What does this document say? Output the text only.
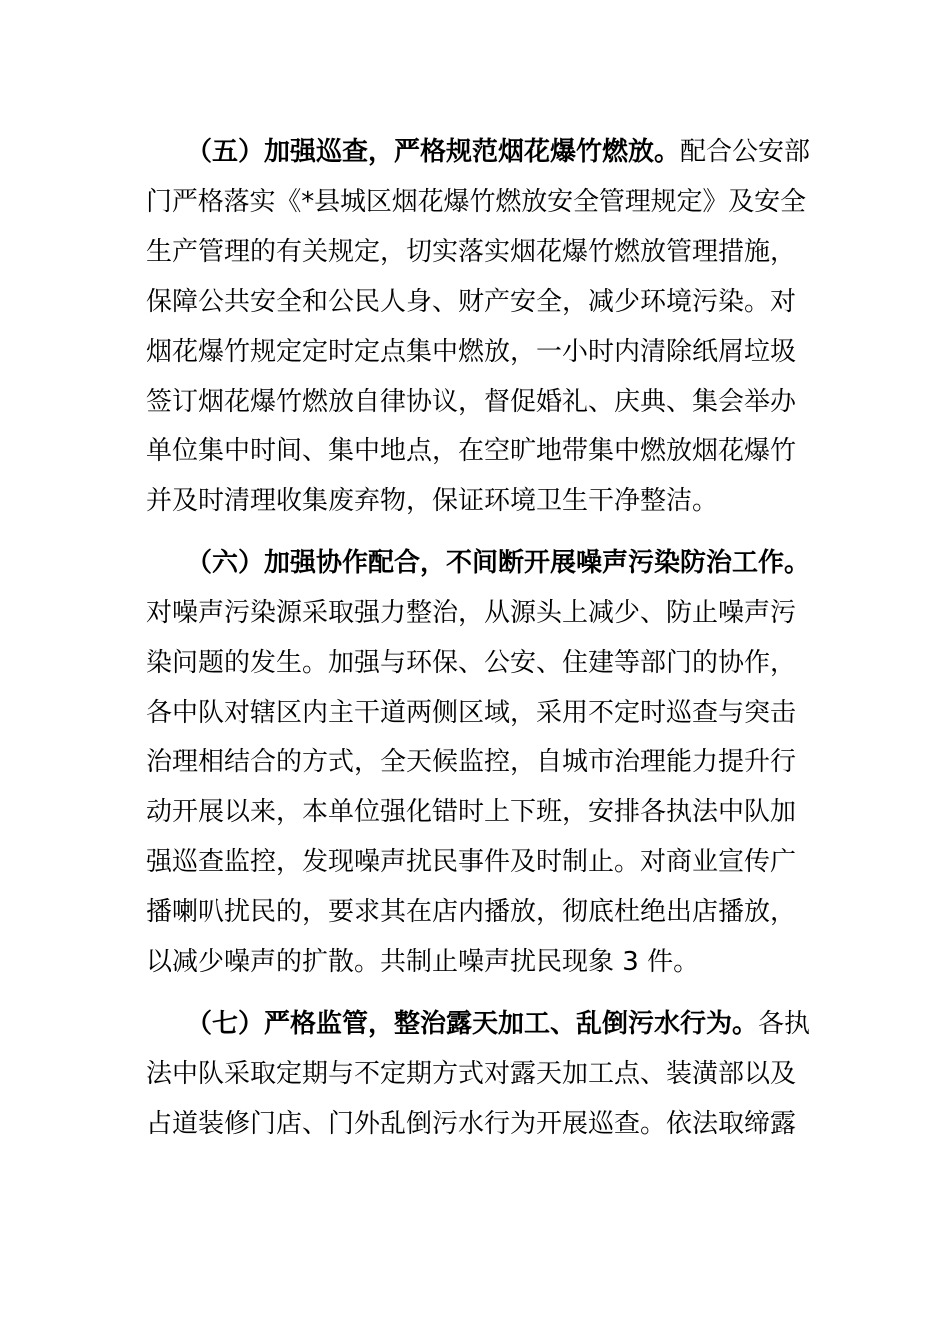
（五）加强巡查，严格规范烟花爆竹燃放。配合公安部

门严格落实《*县城区烟花爆竹燃放安全管理规定》及安全

生产管理的有关规定，切实落实烟花爆竹燃放管理措施，

保障公共安全和公民人身、财产安全，减少环境污染。对

烟花爆竹规定定时定点集中燃放，一小时内清除纸屑垃圾

签订烟花爆竹燃放自律协议，督促婚礼、庆典、集会举办

单位集中时间、集中地点，在空旷地带集中燃放烟花爆竹

并及时清理收集废弃物，保证环境卫生干净整洁。

（六）加强协作配合，不间断开展噪声污染防治工作。

对噪声污染源采取强力整治，从源头上减少、防止噪声污

染问题的发生。加强与环保、公安、住建等部门的协作，

各中队对辖区内主干道两侧区域，采用不定时巡查与突击

治理相结合的方式，全天候监控，自城市治理能力提升行

动开展以来，本单位强化错时上下班，安排各执法中队加

强巡查监控，发现噪声扰民事件及时制止。对商业宣传广

播喇叭扰民的，要求其在店内播放，彻底杜绝出店播放，

以减少噪声的扩散。共制止噪声扰民现象 3 件。

（七）严格监管，整治露天加工、乱倒污水行为。各执

法中队采取定期与不定期方式对露天加工点、装潢部以及

占道装修门店、门外乱倒污水行为开展巡查。依法取缔露
